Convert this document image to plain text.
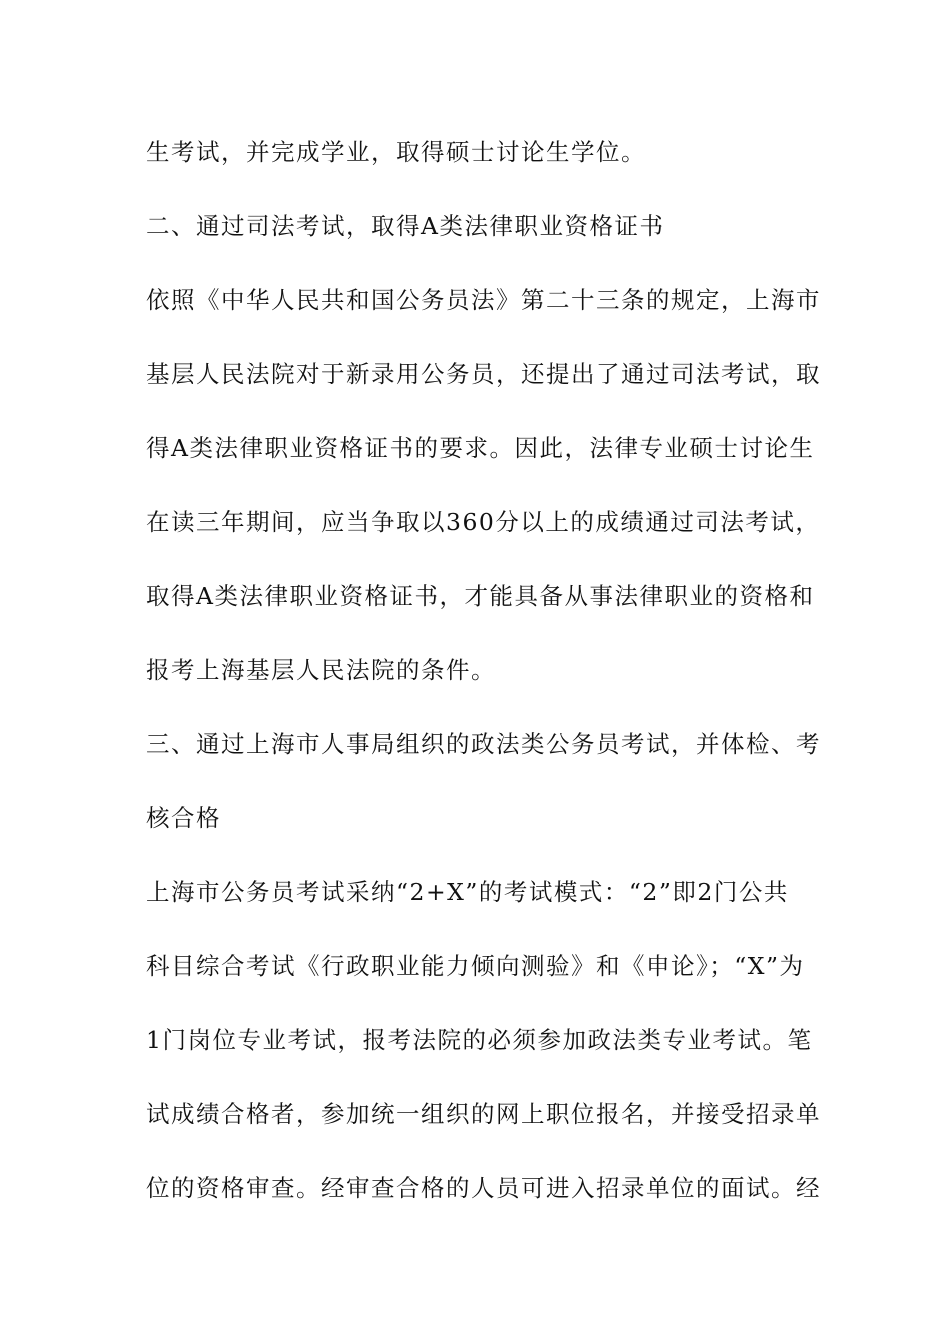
生考试，并完成学业，取得硕士讨论生学位。
二、通过司法考试，取得A类法律职业资格证书
依照《中华人民共和国公务员法》第二十三条的规定，上海市
基层人民法院对于新录用公务员，还提出了通过司法考试，取
得A类法律职业资格证书的要求。因此，法律专业硕士讨论生
在读三年期间，应当争取以360分以上的成绩通过司法考试，
取得A类法律职业资格证书，才能具备从事法律职业的资格和
报考上海基层人民法院的条件。
三、通过上海市人事局组织的政法类公务员考试，并体检、考
核合格
上海市公务员考试采纳“2+X”的考试模式：“2”即2门公共
科目综合考试《行政职业能力倾向测验》和《申论》；“X”为
1门岗位专业考试，报考法院的必须参加政法类专业考试。笔
试成绩合格者，参加统一组织的网上职位报名，并接受招录单
位的资格审查。经审查合格的人员可进入招录单位的面试。经
